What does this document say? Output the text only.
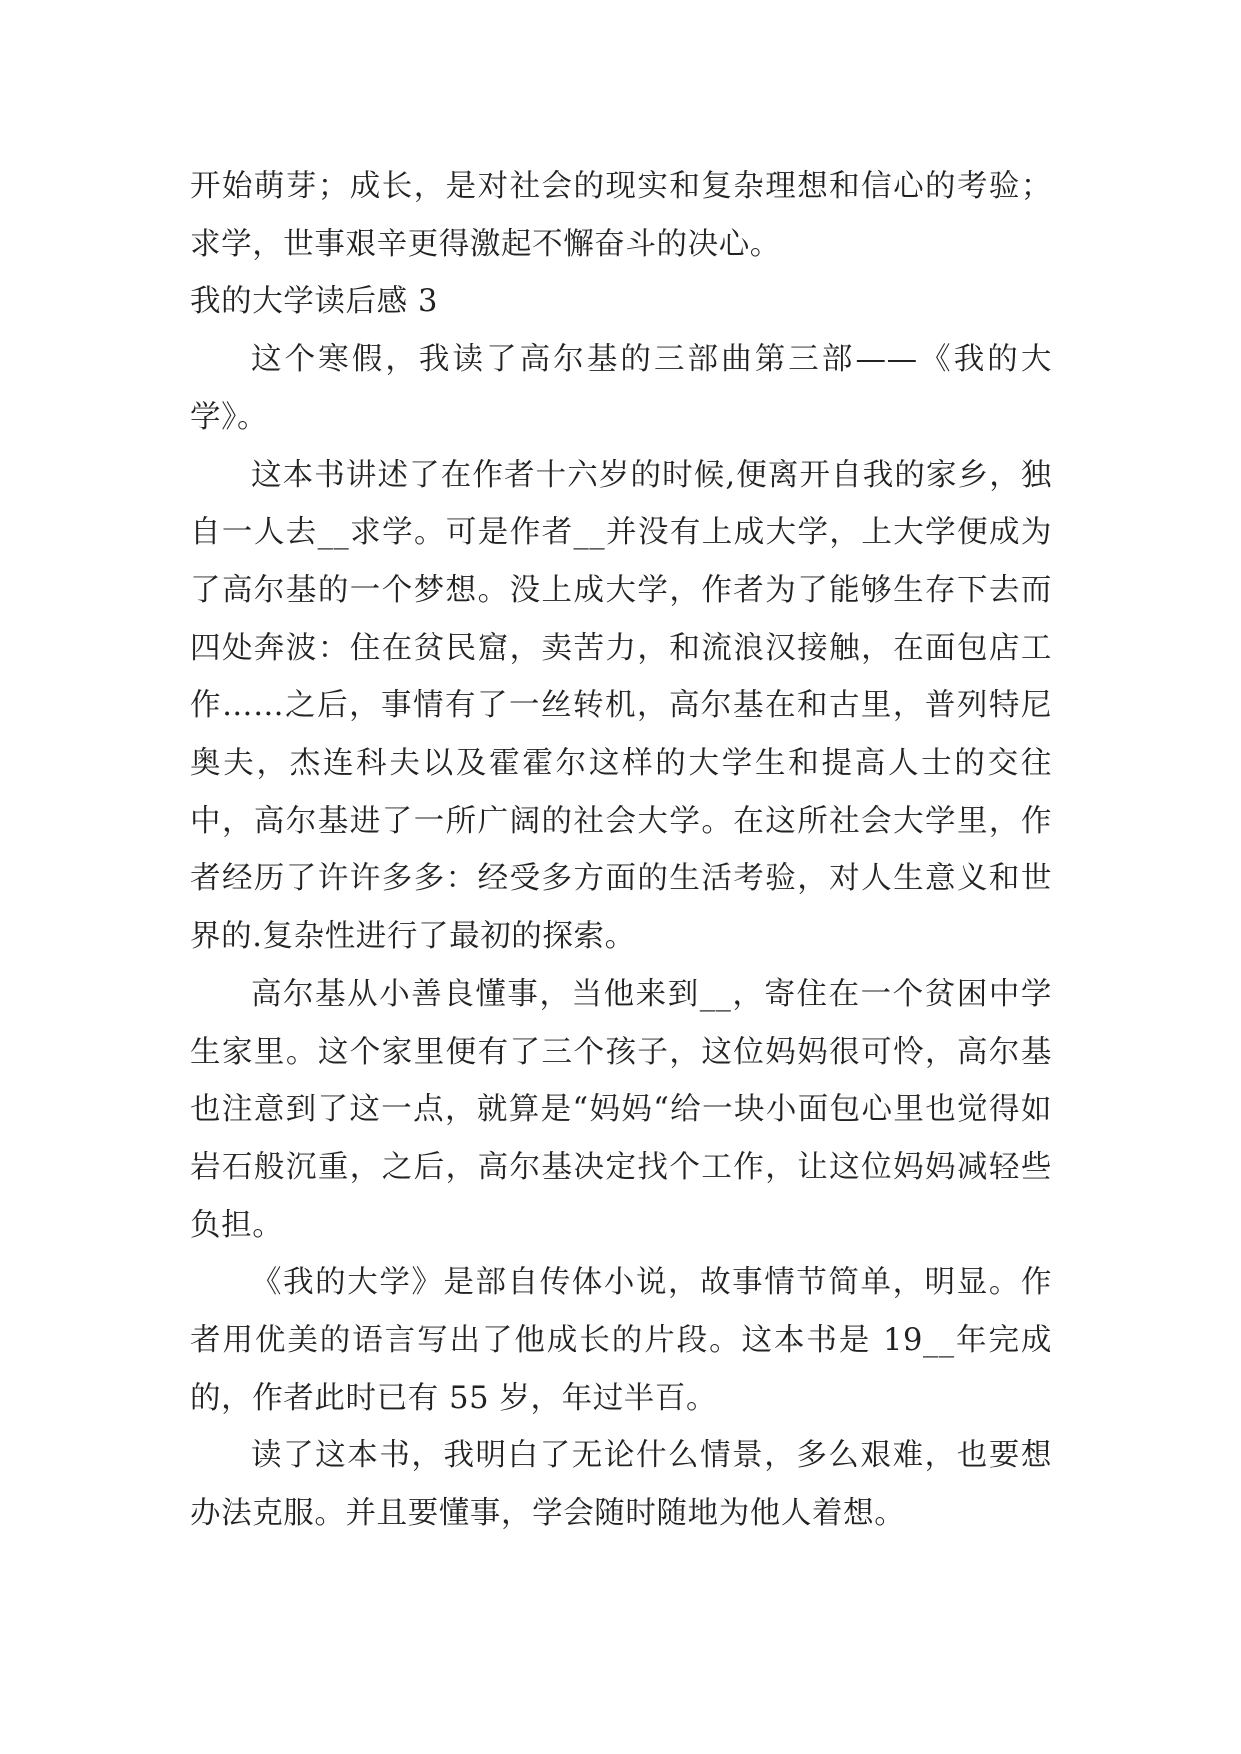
开始萌芽；成长，是对社会的现实和复杂理想和信心的考验；求学，世事艰辛更得激起不懈奋斗的决心。

我的大学读后感 3

这个寒假，我读了高尔基的三部曲第三部——《我的大学》。

这本书讲述了在作者十六岁的时候,便离开自我的家乡，独自一人去__求学。可是作者__并没有上成大学，上大学便成为了高尔基的一个梦想。没上成大学，作者为了能够生存下去而四处奔波：住在贫民窟，卖苦力，和流浪汉接触，在面包店工作……之后，事情有了一丝转机，高尔基在和古里，普列特尼奥夫，杰连科夫以及霍霍尔这样的大学生和提高人士的交往中，高尔基进了一所广阔的社会大学。在这所社会大学里，作者经历了许许多多：经受多方面的生活考验，对人生意义和世界的.复杂性进行了最初的探索。

高尔基从小善良懂事，当他来到__，寄住在一个贫困中学生家里。这个家里便有了三个孩子，这位妈妈很可怜，高尔基也注意到了这一点，就算是“妈妈“给一块小面包心里也觉得如岩石般沉重，之后，高尔基决定找个工作，让这位妈妈减轻些负担。

《我的大学》是部自传体小说，故事情节简单，明显。作者用优美的语言写出了他成长的片段。这本书是 19__年完成的，作者此时已有 55 岁，年过半百。

读了这本书，我明白了无论什么情景，多么艰难，也要想办法克服。并且要懂事，学会随时随地为他人着想。
